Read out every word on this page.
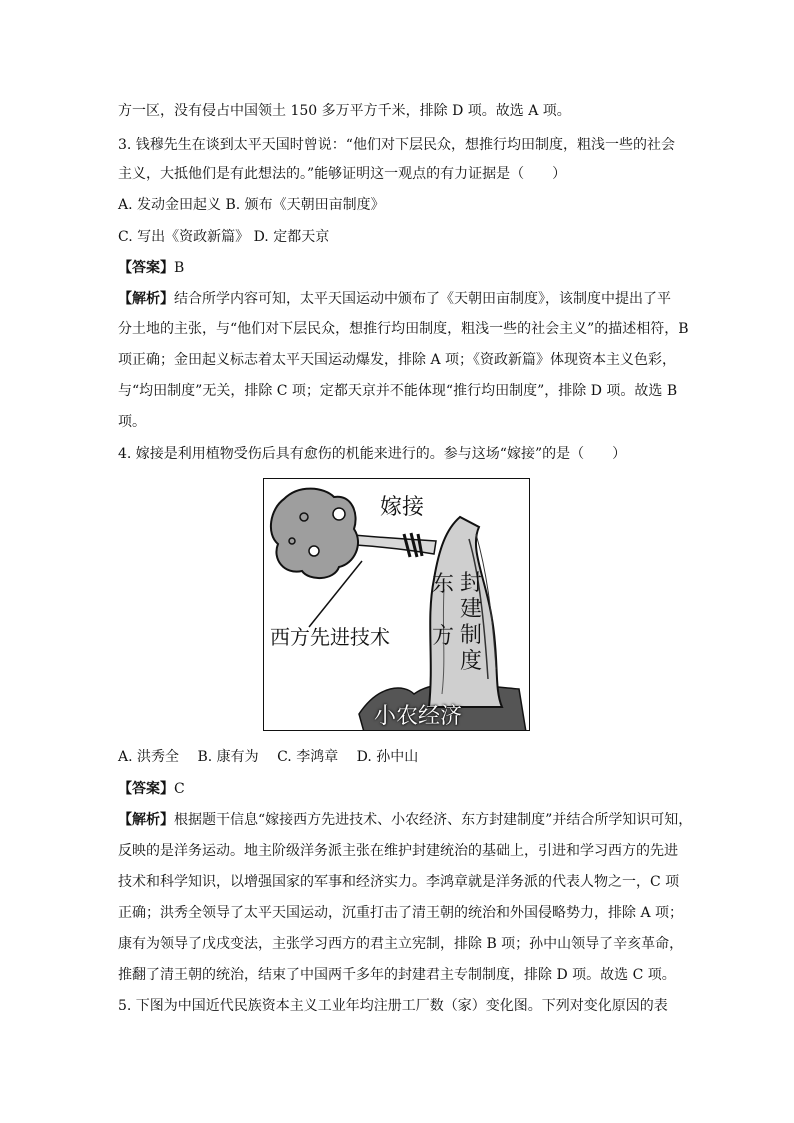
方一区，没有侵占中国领土 150 多万平方千米，排除 D 项。故选 A 项。
3. 钱穆先生在谈到太平天国时曾说：“他们对下层民众，想推行均田制度，粗浅一些的社会
主义，大抵他们是有此想法的。”能够证明这一观点的有力证据是（　　）
A. 发动金田起义 B. 颁布《天朝田亩制度》
C. 写出《资政新篇》 D. 定都天京
【答案】B
【解析】结合所学内容可知，太平天国运动中颁布了《天朝田亩制度》，该制度中提出了平
分土地的主张，与“他们对下层民众，想推行均田制度，粗浅一些的社会主义”的描述相符，B
项正确；金田起义标志着太平天国运动爆发，排除 A 项；《资政新篇》体现资本主义色彩，
与“均田制度”无关，排除 C 项；定都天京并不能体现“推行均田制度”，排除 D 项。故选 B
项。
4. 嫁接是利用植物受伤后具有愈伤的机能来进行的。参与这场“嫁接”的是（　　）
嫁接
西方先进技术
东方
封建制度
小农经济
A. 洪秀全　 B. 康有为　 C. 李鸿章　 D. 孙中山
【答案】C
【解析】根据题干信息“嫁接西方先进技术、小农经济、东方封建制度”并结合所学知识可知，
反映的是洋务运动。地主阶级洋务派主张在维护封建统治的基础上，引进和学习西方的先进
技术和科学知识，以增强国家的军事和经济实力。李鸿章就是洋务派的代表人物之一，C 项
正确；洪秀全领导了太平天国运动，沉重打击了清王朝的统治和外国侵略势力，排除 A 项；
康有为领导了戊戌变法，主张学习西方的君主立宪制，排除 B 项；孙中山领导了辛亥革命，
推翻了清王朝的统治，结束了中国两千多年的封建君主专制制度，排除 D 项。故选 C 项。
5. 下图为中国近代民族资本主义工业年均注册工厂数（家）变化图。下列对变化原因的表
